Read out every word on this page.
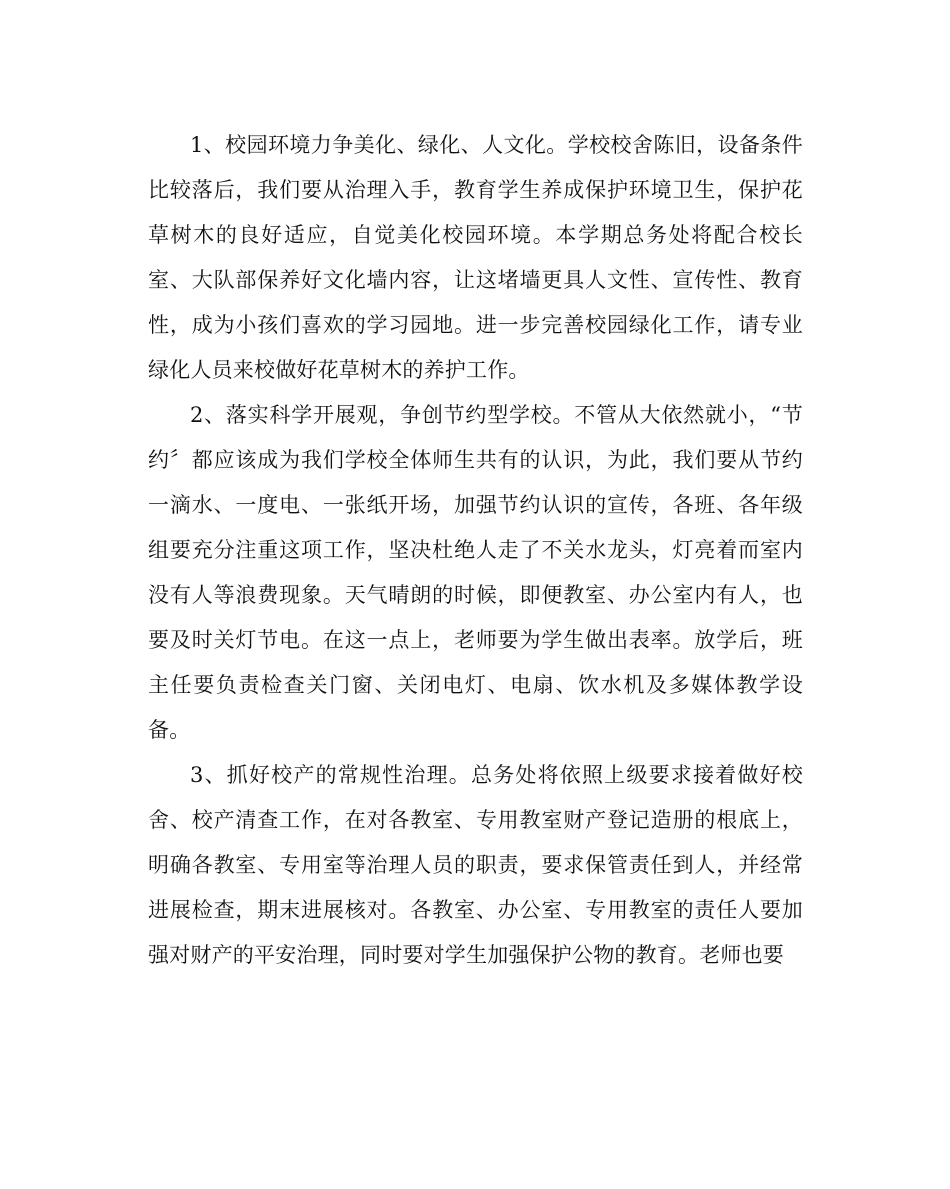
1、校园环境力争美化、绿化、人文化。学校校舍陈旧，设备条件比较落后，我们要从治理入手，教育学生养成保护环境卫生，保护花草树木的良好适应，自觉美化校园环境。本学期总务处将配合校长室、大队部保养好文化墙内容，让这堵墙更具人文性、宣传性、教育性，成为小孩们喜欢的学习园地。进一步完善校园绿化工作，请专业绿化人员来校做好花草树木的养护工作。

2、落实科学开展观，争创节约型学校。不管从大依然就小，“节约〞都应该成为我们学校全体师生共有的认识，为此，我们要从节约一滴水、一度电、一张纸开场，加强节约认识的宣传，各班、各年级组要充分注重这项工作，坚决杜绝人走了不关水龙头，灯亮着而室内没有人等浪费现象。天气晴朗的时候，即便教室、办公室内有人，也要及时关灯节电。在这一点上，老师要为学生做出表率。放学后，班主任要负责检查关门窗、关闭电灯、电扇、饮水机及多媒体教学设备。

3、抓好校产的常规性治理。总务处将依照上级要求接着做好校舍、校产清查工作，在对各教室、专用教室财产登记造册的根底上，明确各教室、专用室等治理人员的职责，要求保管责任到人，并经常进展检查，期末进展核对。各教室、办公室、专用教室的责任人要加强对财产的平安治理，同时要对学生加强保护公物的教育。老师也要
